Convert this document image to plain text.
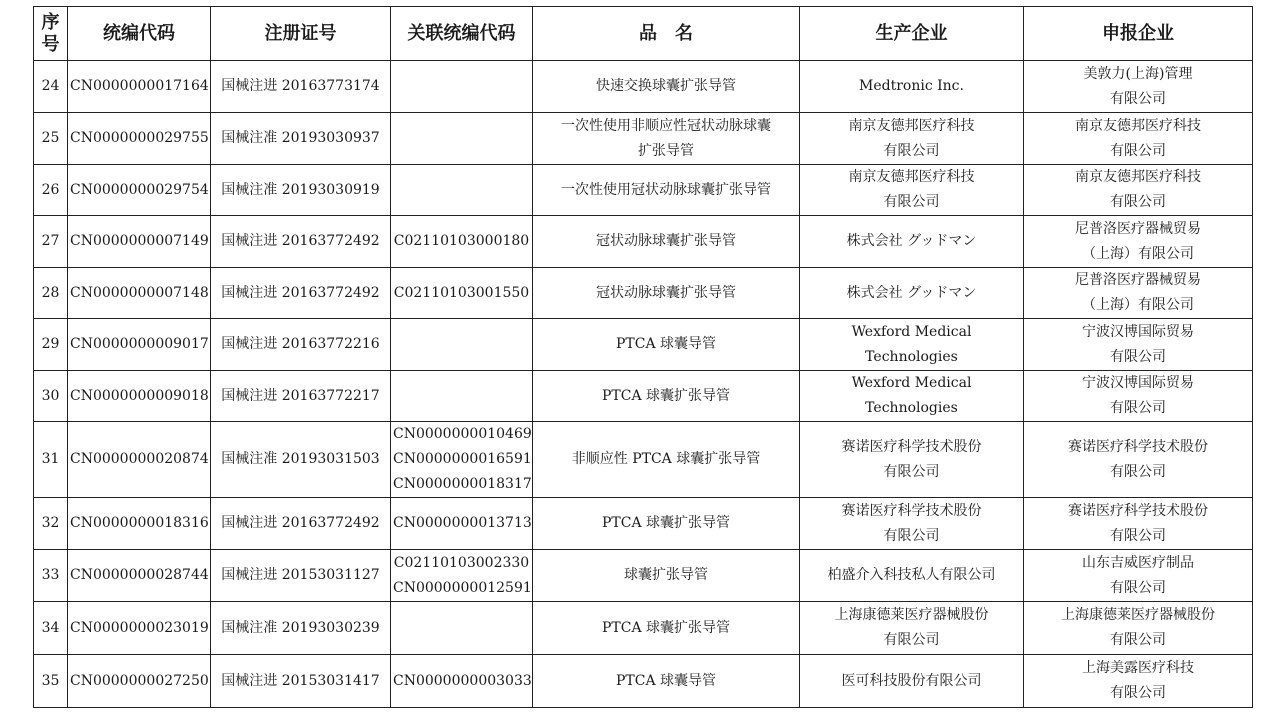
序号	统编代码	注册证号	关联统编代码	品　名	生产企业	申报企业
24	CN0000000017164	国械注进 20163773174		快速交换球囊扩张导管	Medtronic Inc.	美敦力(上海)管理
有限公司

25	CN0000000029755	国械注准 20193030937		一次性使用非顺应性冠状动脉球囊
扩张导管	南京友德邦医疗科技
有限公司	南京友德邦医疗科技
有限公司

26	CN0000000029754	国械注准 20193030919		一次性使用冠状动脉球囊扩张导管	南京友德邦医疗科技
有限公司	南京友德邦医疗科技
有限公司

27	CN0000000007149	国械注进 20163772492	C02110103000180	冠状动脉球囊扩张导管	株式会社 グッドマン	尼普洛医疗器械贸易
（上海）有限公司

28	CN0000000007148	国械注进 20163772492	C02110103001550	冠状动脉球囊扩张导管	株式会社 グッドマン	尼普洛医疗器械贸易
（上海）有限公司

29	CN0000000009017	国械注进 20163772216		PTCA 球囊导管	Wexford Medical
Technologies	宁波汉博国际贸易
有限公司

30	CN0000000009018	国械注进 20163772217		PTCA 球囊扩张导管	Wexford Medical
Technologies	宁波汉博国际贸易
有限公司

31	CN0000000020874	国械注准 20193031503	CN0000000010469
CN0000000016591
CN0000000018317	非顺应性 PTCA 球囊扩张导管	赛诺医疗科学技术股份
有限公司	赛诺医疗科学技术股份
有限公司

32	CN0000000018316	国械注进 20163772492	CN0000000013713	PTCA 球囊扩张导管	赛诺医疗科学技术股份
有限公司	赛诺医疗科学技术股份
有限公司

33	CN0000000028744	国械注进 20153031127	C02110103002330
CN0000000012591	球囊扩张导管	柏盛介入科技私人有限公司	山东吉威医疗制品
有限公司

34	CN0000000023019	国械注准 20193030239		PTCA 球囊扩张导管	上海康德莱医疗器械股份
有限公司	上海康德莱医疗器械股份
有限公司

35	CN0000000027250	国械注进 20153031417	CN0000000003033	PTCA 球囊导管	医可科技股份有限公司	上海美露医疗科技
有限公司
